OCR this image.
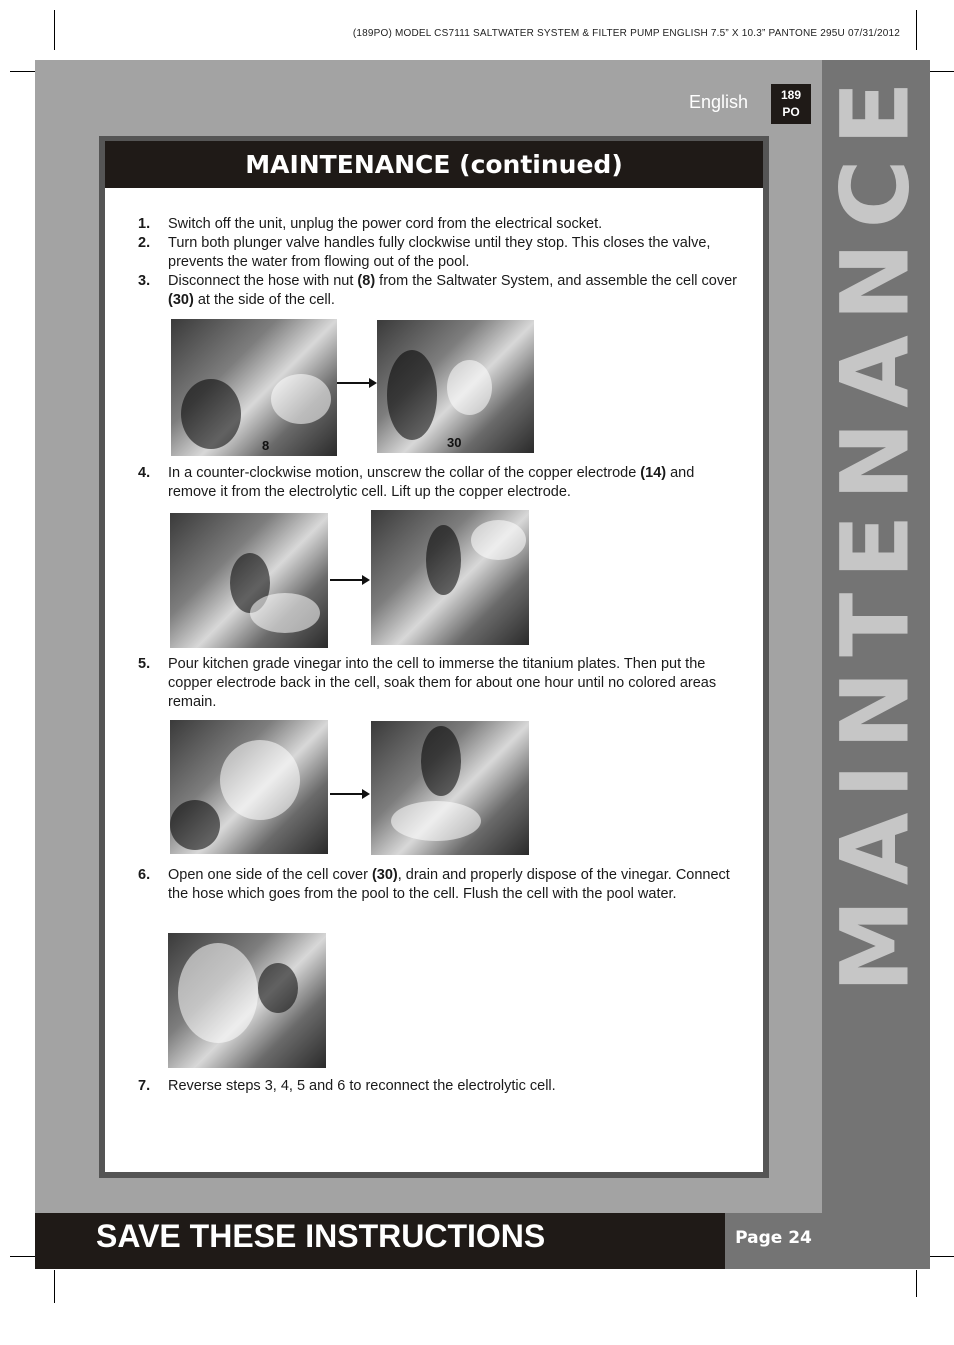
(189PO) MODEL CS7111 SALTWATER SYSTEM & FILTER PUMP ENGLISH 7.5” X 10.3” PANTONE 295U 07/31/2012
MAINTENANCE
English	189
PO
MAINTENANCE (continued)
1. Switch off the unit, unplug the power cord from the electrical socket.
2. Turn both plunger valve handles fully clockwise until they stop. This closes the valve, prevents the water from flowing out of the pool.
3. Disconnect the hose with nut (8) from the Saltwater System, and assemble the cell cover (30) at the side of the cell.
8	30
4. In a counter-clockwise motion, unscrew the collar of the copper electrode (14) and remove it from the electrolytic cell. Lift up the copper electrode.
5. Pour kitchen grade vinegar into the cell to immerse the titanium plates. Then put the copper electrode back in the cell, soak them for about one hour until no colored areas remain.
6. Open one side of the cell cover (30), drain and properly dispose of the vinegar. Connect the hose which goes from the pool to the cell. Flush the cell with the pool water.
7. Reverse steps 3, 4, 5 and 6 to reconnect the electrolytic cell.
SAVE THESE INSTRUCTIONS	Page 24
